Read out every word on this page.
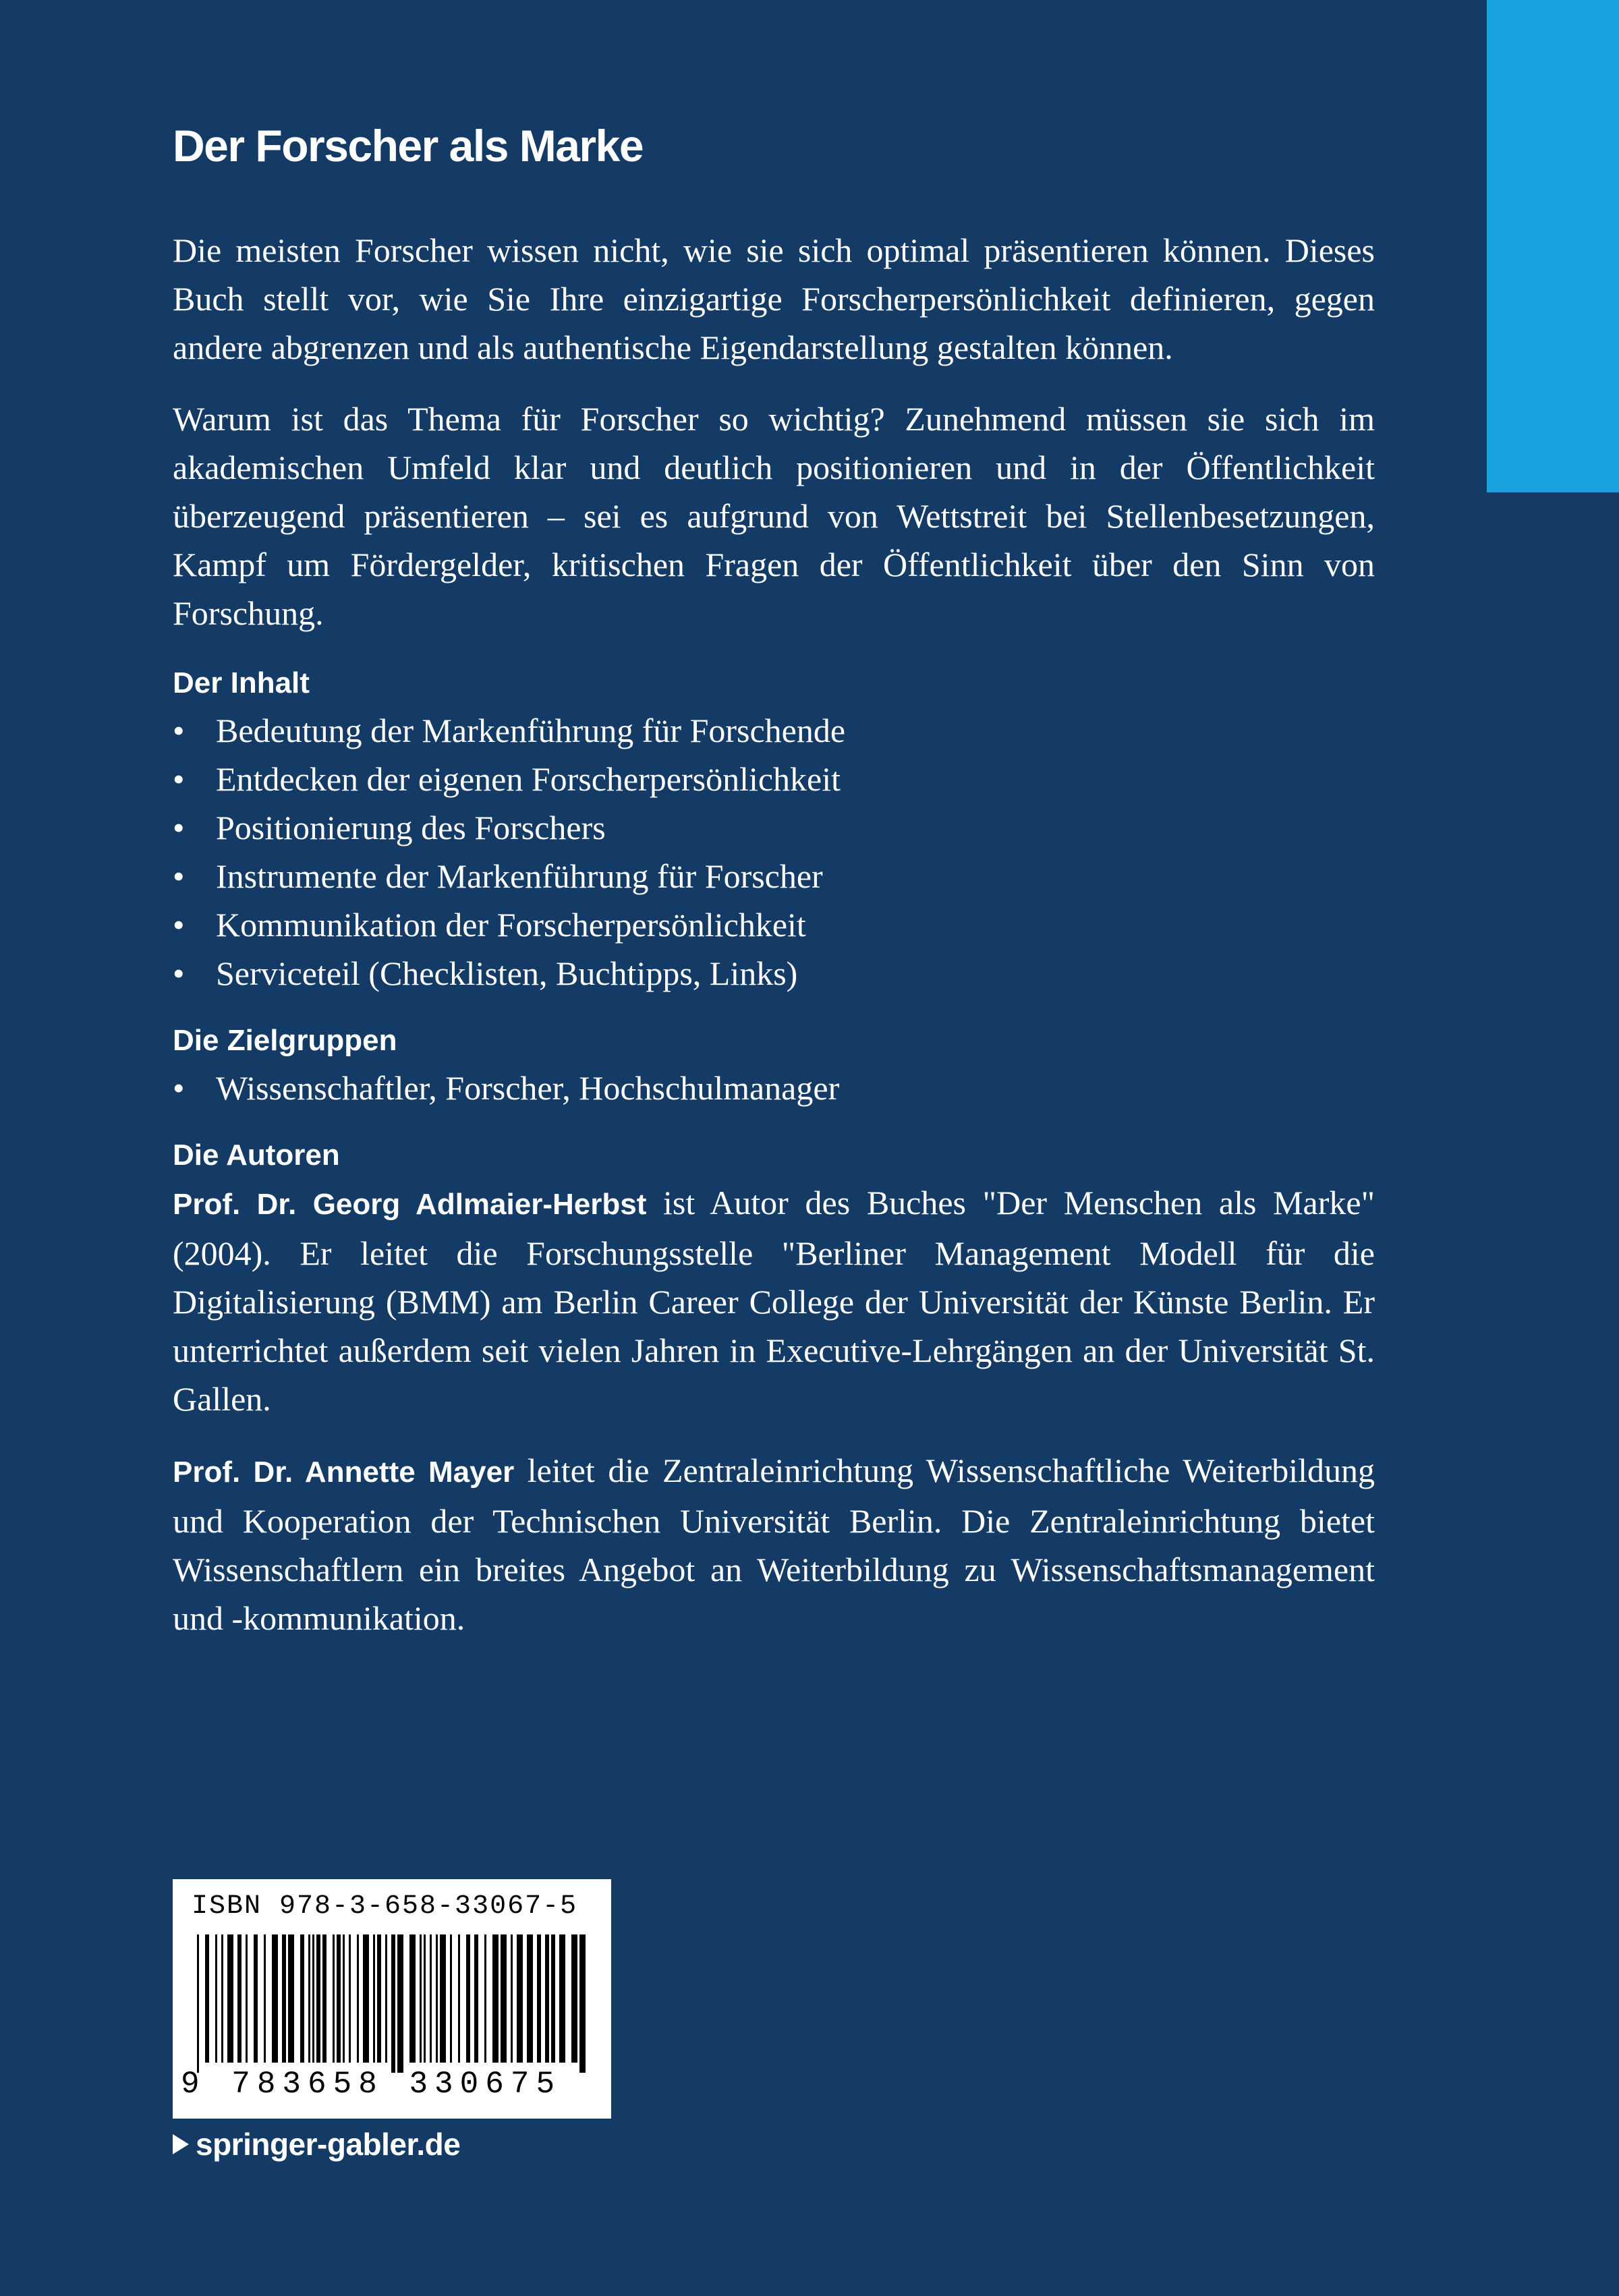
Der Forscher als Marke

Die meisten Forscher wissen nicht, wie sie sich optimal präsentieren können. Dieses Buch stellt vor, wie Sie Ihre einzigartige Forscherpersönlichkeit definieren, gegen andere abgrenzen und als authentische Eigendarstellung gestalten können.

Warum ist das Thema für Forscher so wichtig? Zunehmend müssen sie sich im akademischen Umfeld klar und deutlich positionieren und in der Öffentlichkeit überzeugend präsentieren – sei es aufgrund von Wettstreit bei Stellenbesetzungen, Kampf um Fördergelder, kritischen Fragen der Öffentlichkeit über den Sinn von Forschung.

Der Inhalt
• Bedeutung der Markenführung für Forschende
• Entdecken der eigenen Forscherpersönlichkeit
• Positionierung des Forschers
• Instrumente der Markenführung für Forscher
• Kommunikation der Forscherpersönlichkeit
• Serviceteil (Checklisten, Buchtipps, Links)
Die Zielgruppen
• Wissenschaftler, Forscher, Hochschulmanager
Die Autoren

Prof. Dr. Georg Adlmaier-Herbst ist Autor des Buches "Der Menschen als Marke" (2004). Er leitet die Forschungsstelle "Berliner Management Modell für die Digitalisierung (BMM) am Berlin Career College der Universität der Künste Berlin. Er unterrichtet außerdem seit vielen Jahren in Executive-Lehrgängen an der Universität St. Gallen.

Prof. Dr. Annette Mayer leitet die Zentraleinrichtung Wissenschaftliche Weiterbildung und Kooperation der Technischen Universität Berlin. Die Zentraleinrichtung bietet Wissenschaftlern ein breites Angebot an Weiterbildung zu Wissenschaftsmanagement und -kommunikation.

ISBN 978-3-658-33067-5
9 783658 330675
springer-gabler.de
